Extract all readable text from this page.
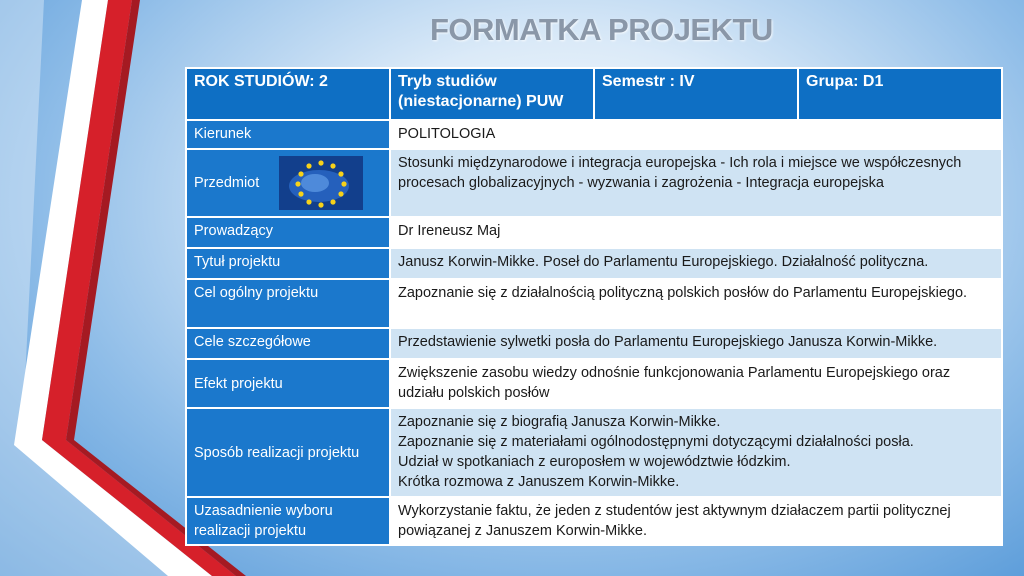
FORMATKA PROJEKTU
ROK STUDIÓW: 2	Tryb studiów (niestacjonarne) PUW	Semestr : IV	Grupa: D1
Kierunek	POLITOLOGIA		

Przedmiot	Stosunki międzynarodowe i integracja europejska - Ich rola i miejsce we współczesnych procesach globalizacyjnych - wyzwania i zagrożenia - Integracja europejska		
Prowadzący	Dr Ireneusz Maj		
Tytuł projektu	Janusz Korwin-Mikke. Poseł do Parlamentu Europejskiego. Działalność polityczna.		
Cel ogólny projektu	Zapoznanie się z działalnością polityczną polskich posłów do Parlamentu Europejskiego.		
Cele szczegółowe	Przedstawienie sylwetki posła do Parlamentu Europejskiego Janusza Korwin-Mikke.		
Efekt projektu	Zwiększenie zasobu wiedzy odnośnie funkcjonowania Parlamentu Europejskiego oraz udziału polskich posłów		
Sposób realizacji projektu	Zapoznanie się z biografią Janusza Korwin-Mikke.
Zapoznanie się z materiałami ogólnodostępnymi dotyczącymi działalności posła.
Udział w spotkaniach z europosłem w województwie łódzkim.
Krótka rozmowa z Januszem Korwin-Mikke.		

Uzasadnienie wyboru realizacji projektu	Wykorzystanie faktu, że jeden z studentów jest aktywnym działaczem partii politycznej powiązanej z Januszem Korwin-Mikke.		
